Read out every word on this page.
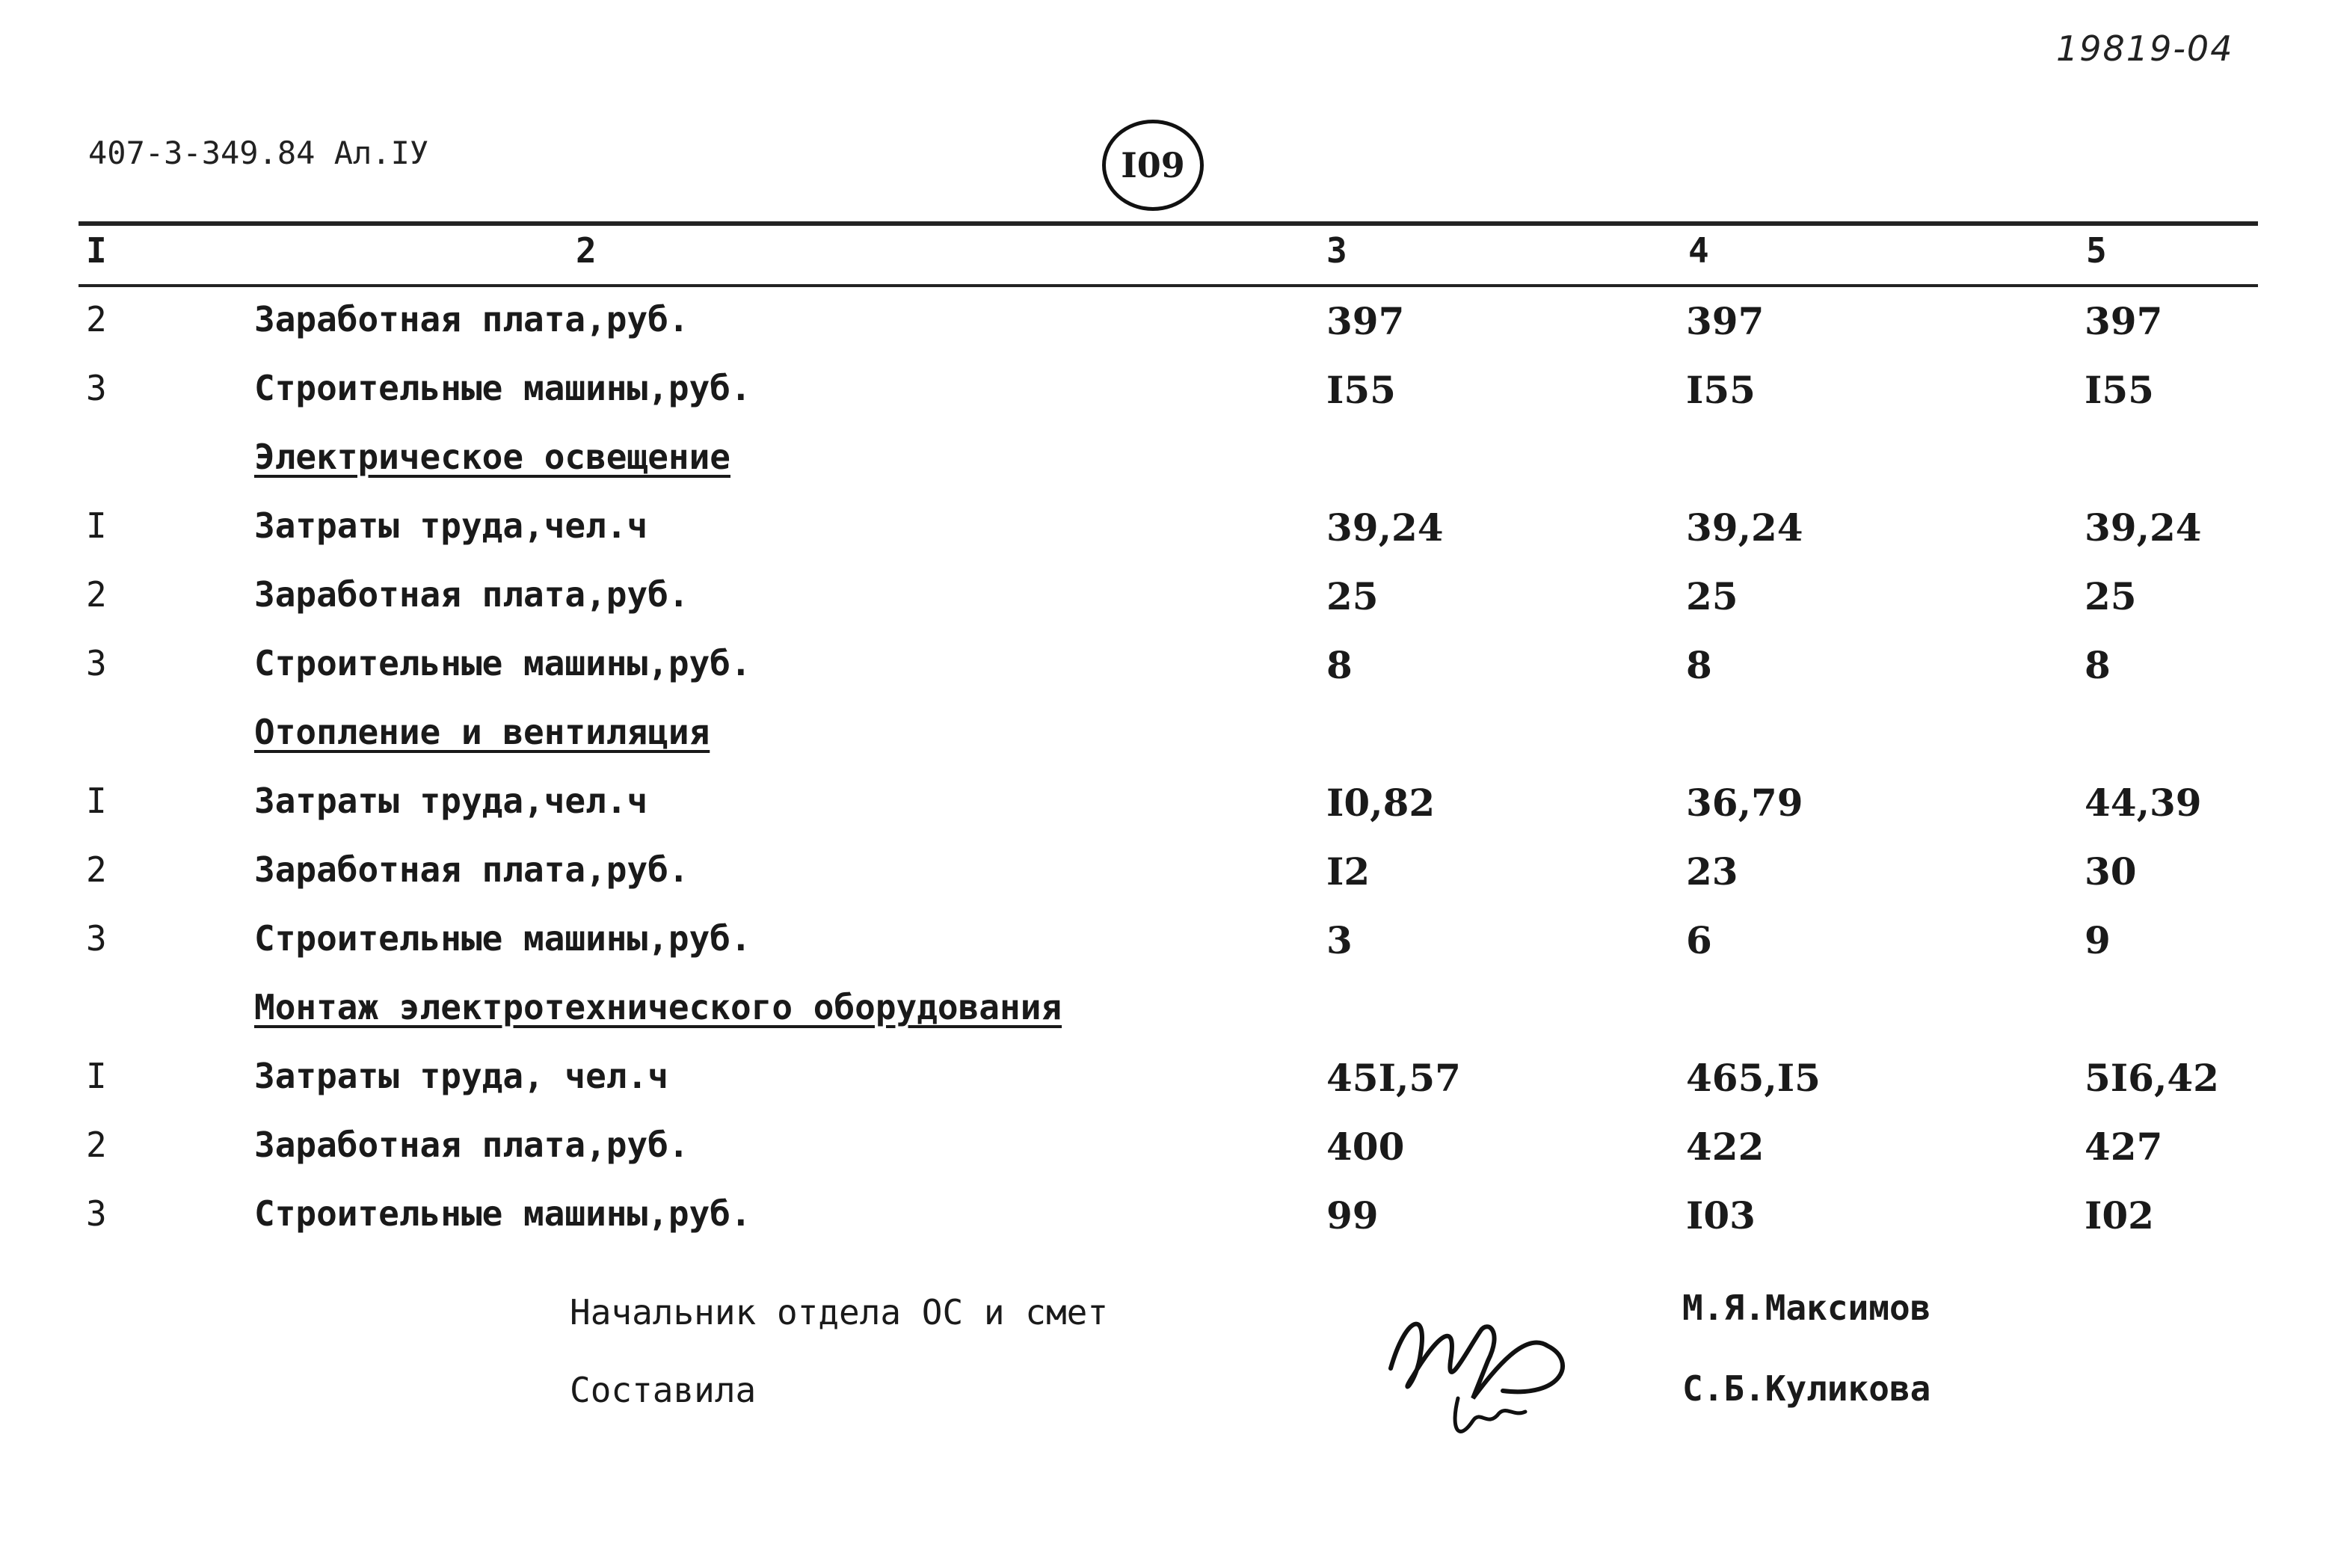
19819-04
407-3-349.84 Ал.IУ	I09
I	2	3	4	5
2	Заработная плата,руб.	397	397	397
3	Строительные машины,руб.	I55	I55	I55
Электрическое освещение
I	Затраты труда,чел.ч	39,24	39,24	39,24
2	Заработная плата,руб.	25	25	25
3	Строительные машины,руб.	8	8	8
Отопление и вентиляция
I	Затраты труда,чел.ч	I0,82	36,79	44,39
2	Заработная плата,руб.	I2	23	30
3	Строительные машины,руб.	3	6	9
Монтаж электротехнического оборудования
I	Затраты труда, чел.ч	45I,57	465,I5	5I6,42
2	Заработная плата,руб.	400	422	427
3	Строительные машины,руб.	99	I03	I02
Начальник отдела ОС и смет
Составила
М.Я.Максимов
С.Б.Куликова
